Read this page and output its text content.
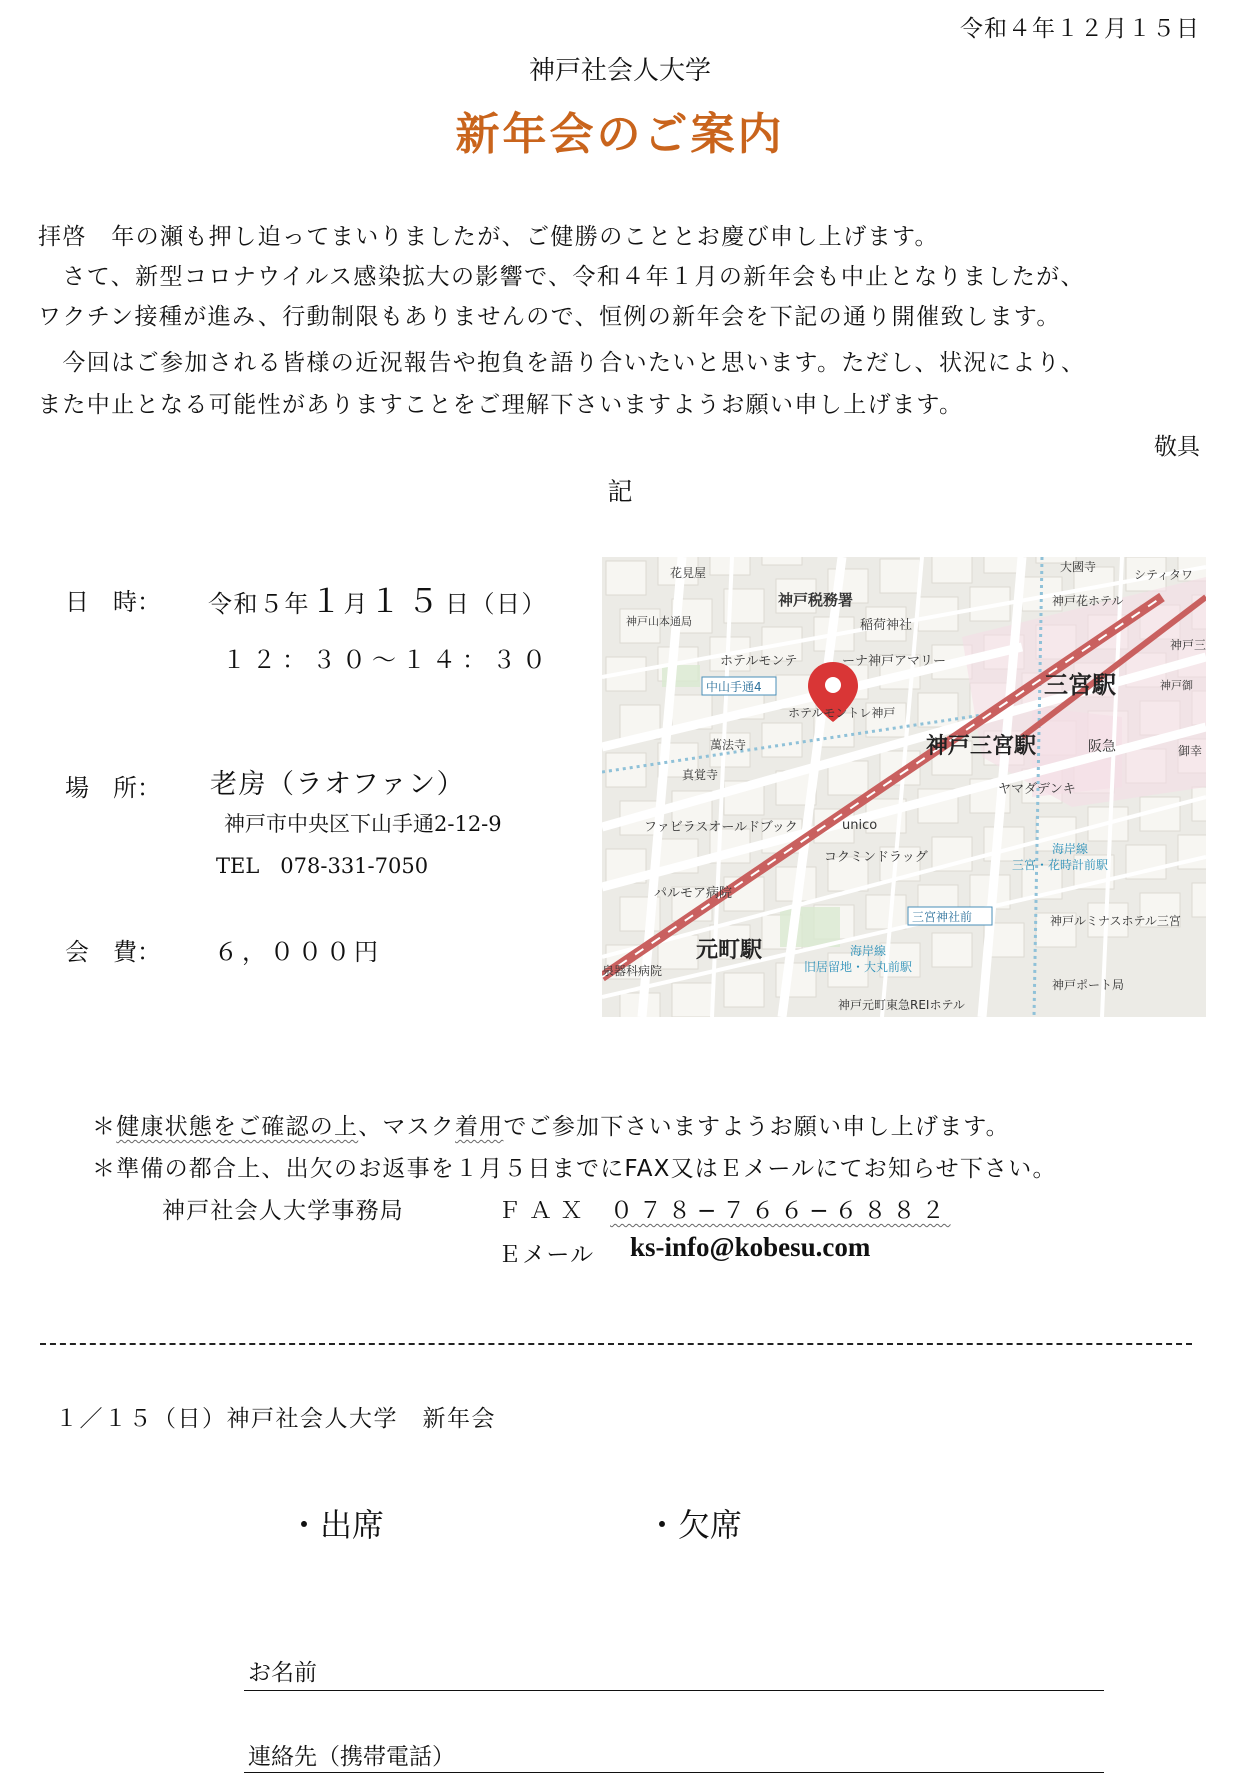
令和４年１２月１５日
神戸社会人大学
新年会のご案内
拝啓　年の瀬も押し迫ってまいりましたが、ご健勝のこととお慶び申し上げます。
　さて、新型コロナウイルス感染拡大の影響で、令和４年１月の新年会も中止となりましたが、
ワクチン接種が進み、行動制限もありませんので、恒例の新年会を下記の通り開催致します。
　今回はご参加される皆様の近況報告や抱負を語り合いたいと思います。ただし、状況により、
また中止となる可能性がありますことをご理解下さいますようお願い申し上げます。
敬具
記
日　時： 令和５年１月１５日（日）
１２：３０〜１４：３０
場　所： 老房（ラオファン）
神戸市中央区下山手通2-12-9
TEL　078-331-7050
会　費： ６，０００円
花見屋	大國寺
シティタワ
神戸税務署
稲荷神社
神戸花ホテル
神戸山本通局
神戸三
ホテルモンテ	ーナ神戸アマリー
中山手通4	三宮駅	神戸御
ホテルモントレ神戸
萬法寺
真覚寺
神戸三宮駅	阪急	御幸
ヤマダデンキ
ファビラスオールドブック	unico
海岸線
三宮・花時計前駅
コクミンドラッグ
パルモア病院
三宮神社前	神戸ルミナスホテル三宮
元町駅	海岸線
旧居留地・大丸前駅
泉器科病院
神戸ポート局
神戸元町東急REIホテル
＊健康状態をご確認の上、マスク着用でご参加下さいますようお願い申し上げます。
＊準備の都合上、出欠のお返事を１月５日までにFAX又はＥメールにてお知らせ下さい。
神戸社会人大学事務局	ＦＡＸ ０７８−７６６−６８８２
Ｅメール ks-info@kobesu.com
１／１５（日）神戸社会人大学　新年会
・出席	・欠席
お名前
連絡先（携帯電話）
